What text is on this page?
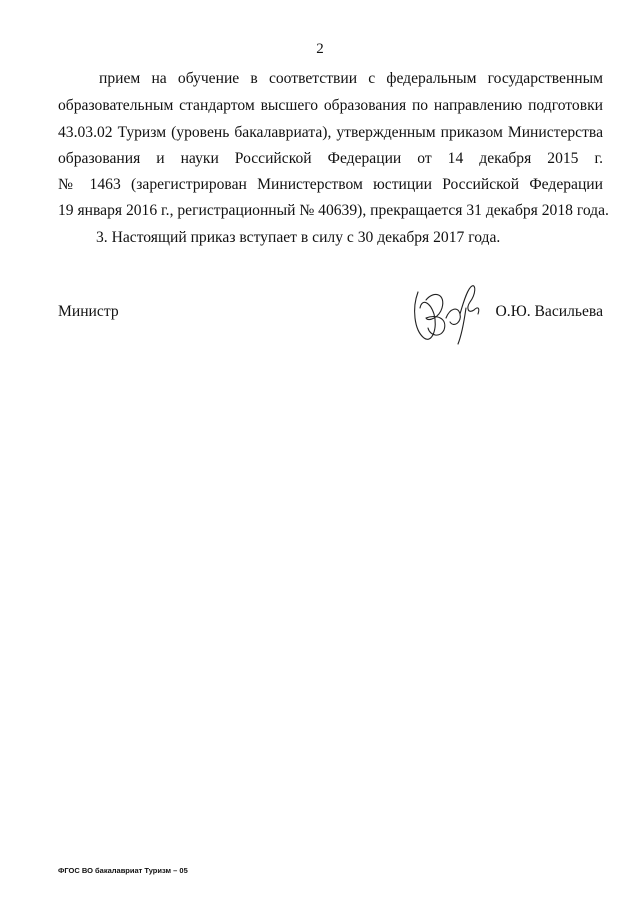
2
прием на обучение в соответствии с федеральным государственным
образовательным стандартом высшего образования по направлению подготовки
43.03.02 Туризм (уровень бакалавриата), утвержденным приказом Министерства
образования и науки Российской Федерации от 14 декабря 2015 г.
№ 1463 (зарегистрирован Министерством юстиции Российской Федерации
19 января 2016 г., регистрационный № 40639), прекращается 31 декабря 2018 года.
3. Настоящий приказ вступает в силу с 30 декабря 2017 года.
Министр	О.Ю. Васильева
ФГОС ВО бакалавриат Туризм – 05
